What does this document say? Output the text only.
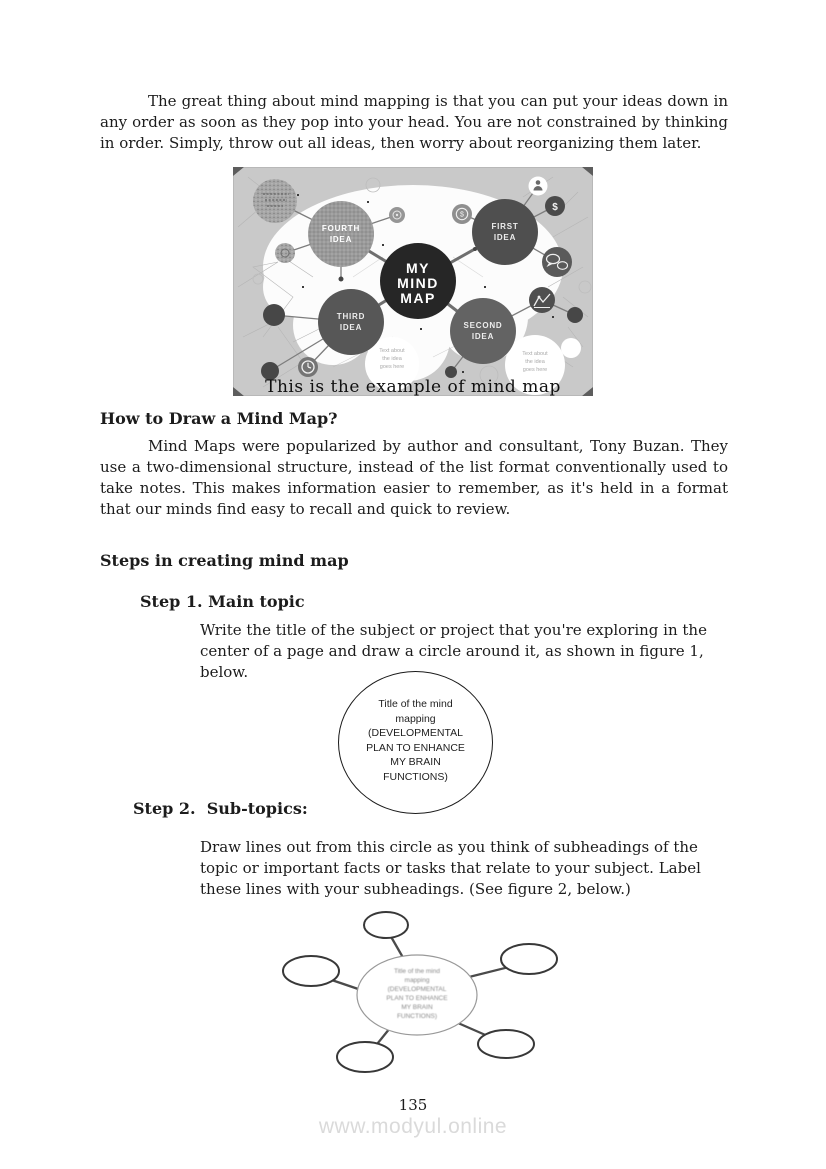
The great thing about mind mapping is that you can put your ideas down in any order as soon as they pop into your head. You are not constrained by thinking in order. Simply, throw out all ideas, then worry about reorganizing them later.

Text about
the idea
goes here
Text about
the idea
goes here
$
$
FOURTH
IDEA
FIRST
IDEA
THIRD
IDEA	SECOND
IDEA
MY
MIND
MAP
This is the example of mind map
How to Draw a Mind Map?

Mind Maps were popularized by author and consultant, Tony Buzan. They use a two-dimensional structure, instead of the list format conventionally used to take notes. This makes information easier to remember, as it's held in a format that our minds find easy to recall and quick to review.

Steps in creating mind map
Step 1. Main topic

Write the title of the subject or project that you're exploring in the center of a page and draw a circle around it, as shown in figure 1, below.

Title of the mind
mapping
(DEVELOPMENTAL
PLAN TO ENHANCE
MY BRAIN
FUNCTIONS)
Step 2.  Sub-topics:

Draw lines out from this circle as you think of subheadings of the topic or important facts or tasks that relate to your subject. Label these lines with your subheadings. (See figure 2, below.)

Title of the mind
mapping
(DEVELOPMENTAL
PLAN TO ENHANCE
MY BRAIN
FUNCTIONS)
135
www.modyul.online
